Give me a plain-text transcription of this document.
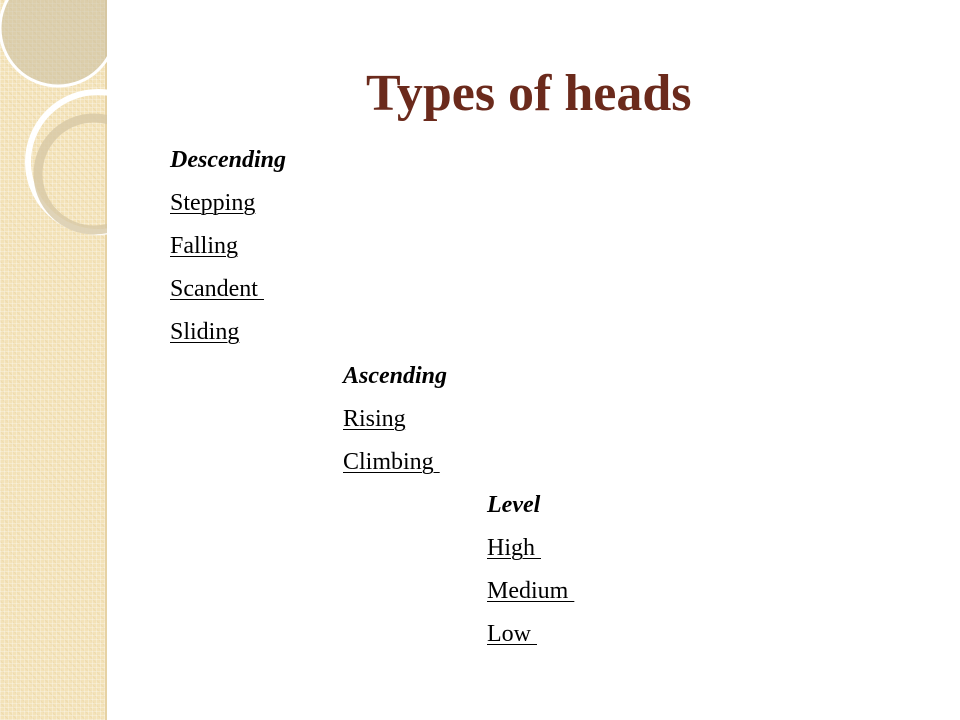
Types of heads

Descending

Stepping

Falling

Scandent

Sliding

Ascending

Rising

Climbing

Level

High

Medium

Low
